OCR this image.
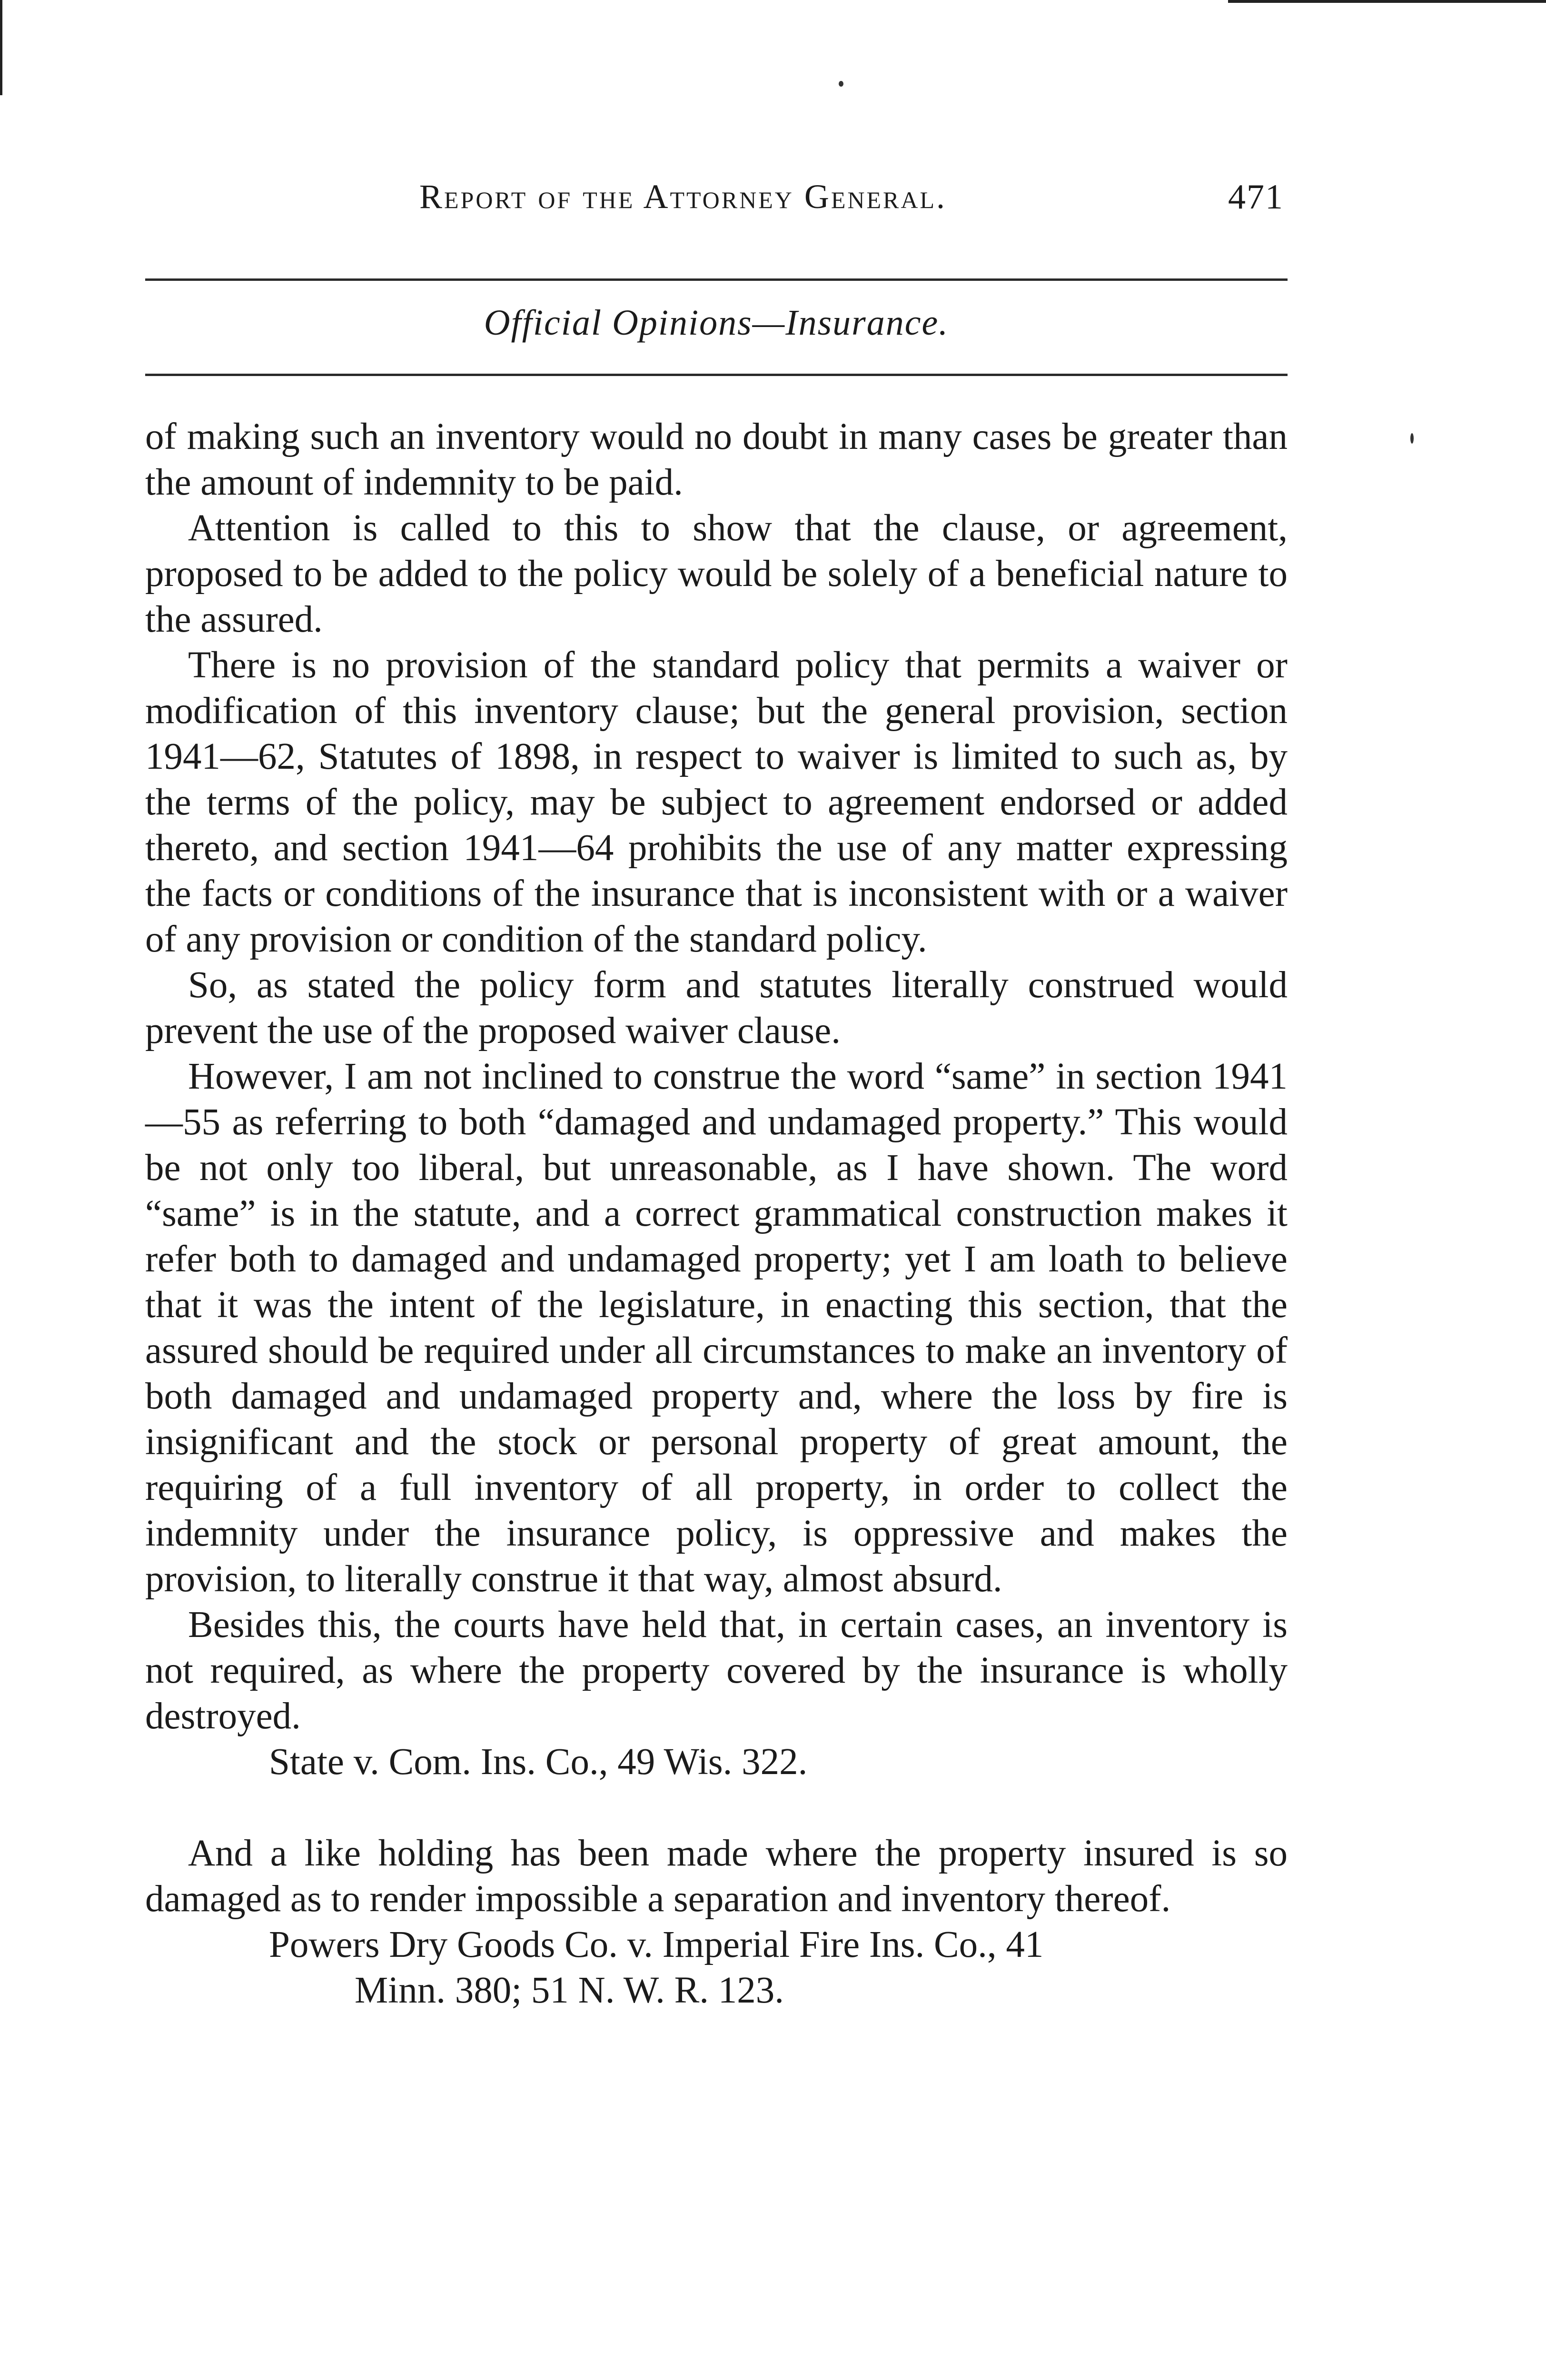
Report of the Attorney General.	471
Official Opinions—Insurance.

of making such an inventory would no doubt in many cases be greater than the amount of indemnity to be paid.

Attention is called to this to show that the clause, or agreement, proposed to be added to the policy would be solely of a beneficial nature to the assured.

There is no provision of the standard policy that permits a waiver or modification of this inventory clause; but the general provision, section 1941—62, Statutes of 1898, in respect to waiver is limited to such as, by the terms of the policy, may be subject to agreement endorsed or added thereto, and section 1941—64 prohibits the use of any matter expressing the facts or conditions of the insurance that is inconsistent with or a waiver of any provision or condition of the standard policy.

So, as stated the policy form and statutes literally construed would prevent the use of the proposed waiver clause.

However, I am not inclined to construe the word “same” in section 1941—55 as referring to both “damaged and undamaged property.” This would be not only too liberal, but unreasonable, as I have shown. The word “same” is in the statute, and a correct grammatical construction makes it refer both to damaged and undamaged property; yet I am loath to believe that it was the intent of the legislature, in enacting this section, that the assured should be required under all circumstances to make an inventory of both damaged and undamaged property and, where the loss by fire is insignificant and the stock or personal property of great amount, the requiring of a full inventory of all property, in order to collect the indemnity under the insurance policy, is oppressive and makes the provision, to literally construe it that way, almost absurd.

Besides this, the courts have held that, in certain cases, an inventory is not required, as where the property covered by the insurance is wholly destroyed.

State v. Com. Ins. Co., 49 Wis. 322.

And a like holding has been made where the property insured is so damaged as to render impossible a separation and inventory thereof.

Powers Dry Goods Co. v. Imperial Fire Ins. Co., 41
Minn. 380; 51 N. W. R. 123.
